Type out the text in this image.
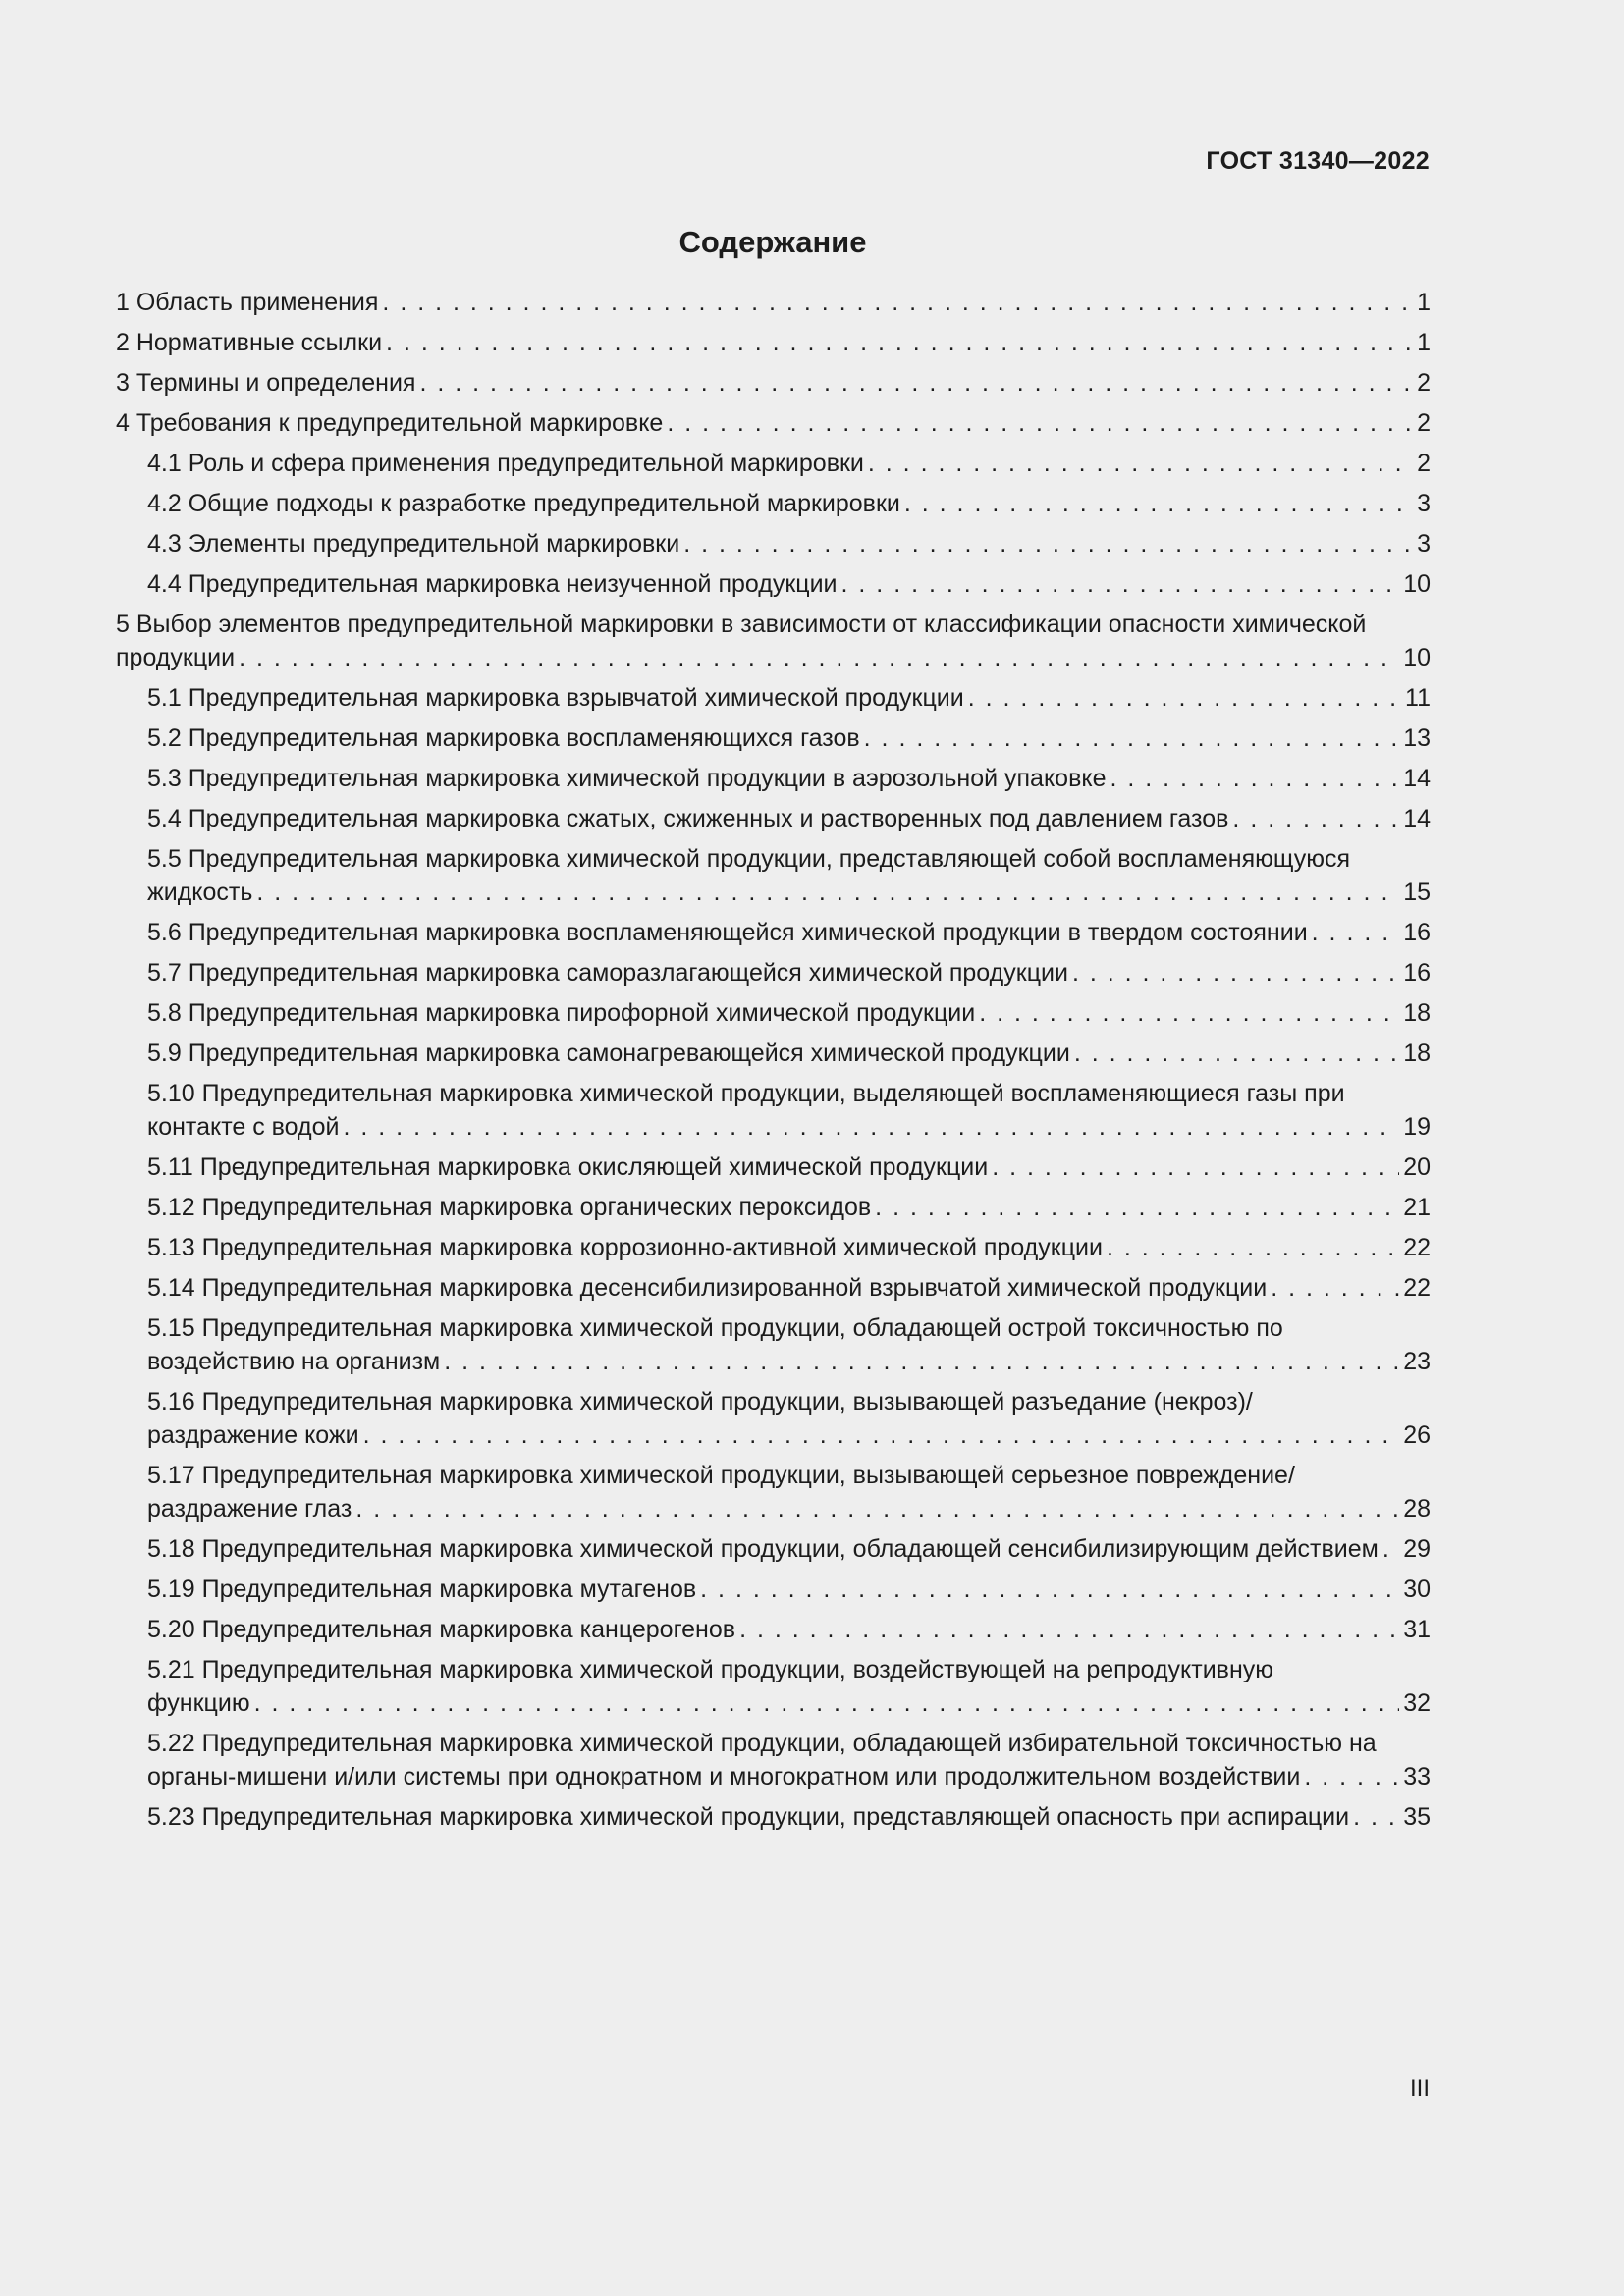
ГОСТ 31340—2022
Содержание
1 Область применения . . .	1
2 Нормативные ссылки . . .	1
3 Термины и определения . . .	2
4 Требования к предупредительной маркировке . . .	2
4.1 Роль и сфера применения предупредительной маркировки . . .	2
4.2 Общие подходы к разработке предупредительной маркировки . . .	3
4.3 Элементы предупредительной маркировки . . .	3
4.4 Предупредительная маркировка неизученной продукции . . .	10
5 Выбор элементов предупредительной маркировки в зависимости от классификации опасности химической продукции . . .	10
5.1 Предупредительная маркировка взрывчатой химической продукции . . .	11
5.2 Предупредительная маркировка воспламеняющихся газов . . .	13
5.3 Предупредительная маркировка химической продукции в аэрозольной упаковке . . .	14
5.4 Предупредительная маркировка сжатых, сжиженных и растворенных под давлением газов . . .	14
5.5 Предупредительная маркировка химической продукции, представляющей собой воспламеняющуюся жидкость . . .	15
5.6 Предупредительная маркировка воспламеняющейся химической продукции в твердом состоянии . . .	16
5.7 Предупредительная маркировка саморазлагающейся химической продукции . . .	16
5.8 Предупредительная маркировка пирофорной химической продукции . . .	18
5.9 Предупредительная маркировка самонагревающейся химической продукции . . .	18
5.10 Предупредительная маркировка химической продукции, выделяющей воспламеняющиеся газы при контакте с водой . . .	19
5.11 Предупредительная маркировка окисляющей химической продукции . . .	20
5.12 Предупредительная маркировка органических пероксидов . . .	21
5.13 Предупредительная маркировка коррозионно-активной химической продукции . . .	22
5.14 Предупредительная маркировка десенсибилизированной взрывчатой химической продукции . . .	22
5.15 Предупредительная маркировка химической продукции, обладающей острой токсичностью по воздействию на организм . . .	23
5.16 Предупредительная маркировка химической продукции, вызывающей разъедание (некроз)/ раздражение кожи . . .	26
5.17 Предупредительная маркировка химической продукции, вызывающей серьезное повреждение/раздражение глаз . . .	28
5.18 Предупредительная маркировка химической продукции, обладающей сенсибилизирующим действием . . . 29
5.19 Предупредительная маркировка мутагенов . . .	30
5.20 Предупредительная маркировка канцерогенов . . .	31
5.21 Предупредительная маркировка химической продукции, воздействующей на репродуктивную функцию . . .	32
5.22 Предупредительная маркировка химической продукции, обладающей избирательной токсичностью на органы-мишени и/или системы при однократном и многократном или продолжительном воздействии . . .	33
5.23 Предупредительная маркировка химической продукции, представляющей опасность при аспирации . . . 35
III
